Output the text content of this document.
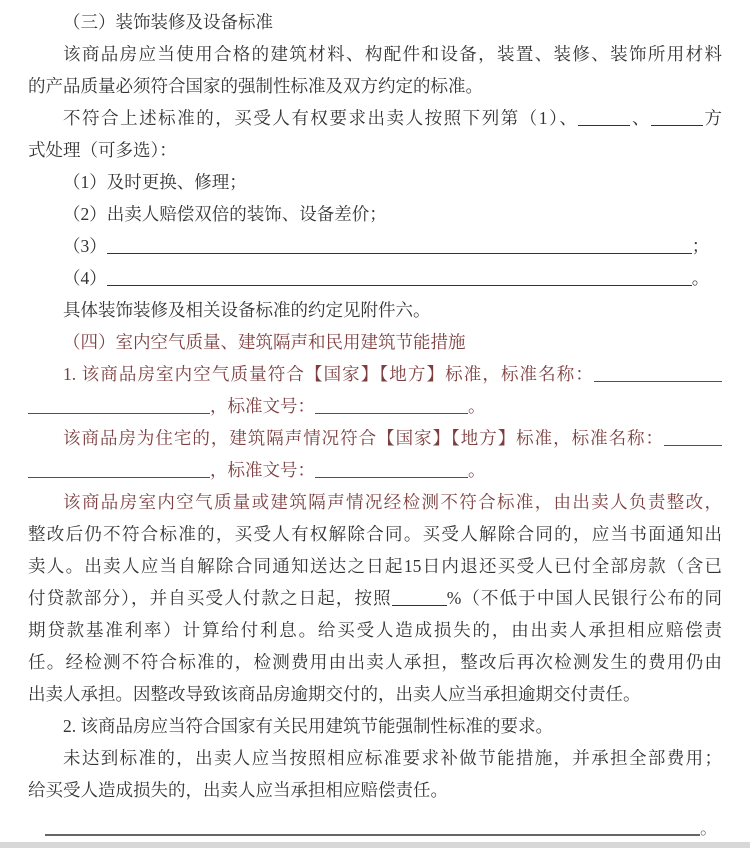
（三）装饰装修及设备标准

该商品房应当使用合格的建筑材料、构配件和设备，装置、装修、装饰所用材料

的产品质量必须符合国家的强制性标准及双方约定的标准。

不符合上述标准的，买受人有权要求出卖人按照下列第（1）、	、	方

式处理（可多选）：

（1）及时更换、修理；

（2）出卖人赔偿双倍的装饰、设备差价；

（3）	；

（4）	。

具体装饰装修及相关设备标准的约定见附件六。

（四）室内空气质量、建筑隔声和民用建筑节能措施

1. 该商品房室内空气质量符合【国家】【地方】标准，标准名称：

，标准文号：	。

该商品房为住宅的，建筑隔声情况符合【国家】【地方】标准，标准名称：

，标准文号：	。

该商品房室内空气质量或建筑隔声情况经检测不符合标准，由出卖人负责整改，

整改后仍不符合标准的，买受人有权解除合同。买受人解除合同的，应当书面通知出

卖人。出卖人应当自解除合同通知送达之日起15日内退还买受人已付全部房款（含已

付贷款部分），并自买受人付款之日起，按照	%（不低于中国人民银行公布的同

期贷款基准利率）计算给付利息。给买受人造成损失的，由出卖人承担相应赔偿责

任。经检测不符合标准的，检测费用由出卖人承担，整改后再次检测发生的费用仍由

出卖人承担。因整改导致该商品房逾期交付的，出卖人应当承担逾期交付责任。

2. 该商品房应当符合国家有关民用建筑节能强制性标准的要求。

未达到标准的，出卖人应当按照相应标准要求补做节能措施，并承担全部费用；

给买受人造成损失的，出卖人应当承担相应赔偿责任。

。
